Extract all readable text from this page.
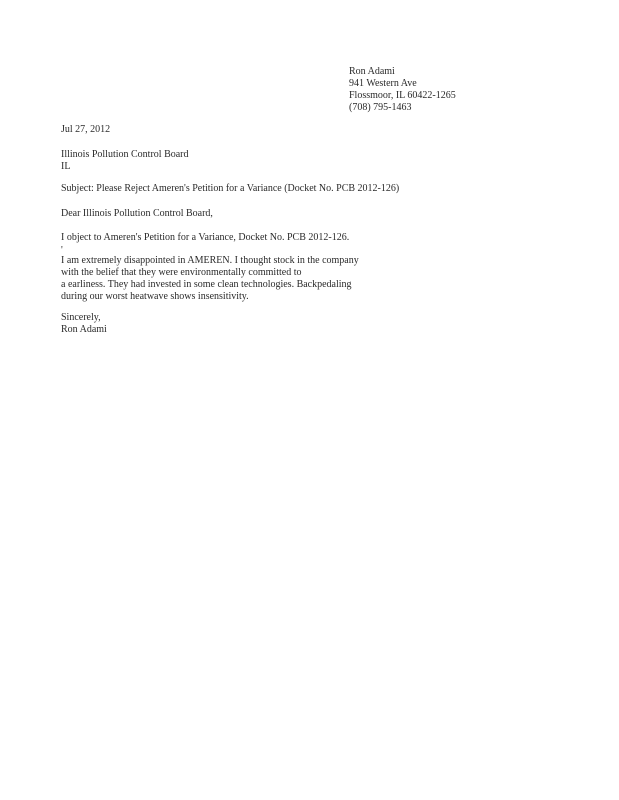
Ron Adami
941 Western Ave
Flossmoor, IL 60422-1265
(708) 795-1463
Jul 27, 2012
Illinois Pollution Control Board
IL
Subject: Please Reject Ameren's Petition for a Variance (Docket No. PCB 2012-126)
Dear Illinois Pollution Control Board,
I object to Ameren's Petition for a Variance, Docket No. PCB 2012-126.
'
I am extremely disappointed in AMEREN. I thought stock in the company
with the belief that they were environmentally committed to
a earliness. They had invested in some clean technologies. Backpedaling
during our worst heatwave shows insensitivity.
Sincerely,
Ron Adami
